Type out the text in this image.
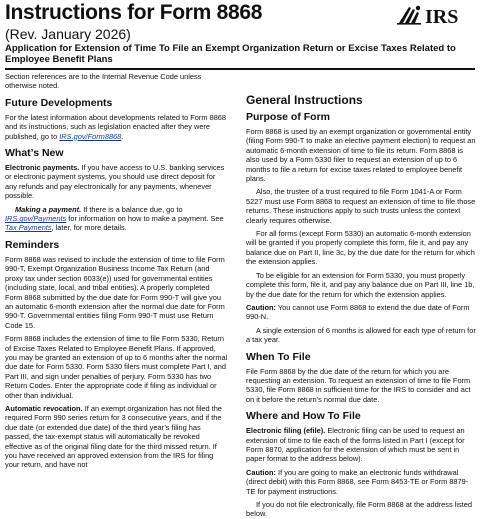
Instructions for Form 8868
(Rev. January 2026)
Application for Extension of Time To File an Exempt Organization Return or Excise Taxes Related to Employee Benefit Plans
IRS

Section references are to the Internal Revenue Code unless otherwise noted.

Future Developments

For the latest information about developments related to Form 8868 and its instructions, such as legislation enacted after they were published, go to IRS.gov/Form8868.

What’s New

Electronic payments. If you have access to U.S. banking services or electronic payment systems, you should use direct deposit for any refunds and pay electronically for any payments, whenever possible.

Making a payment. If there is a balance due, go to IRS.gov/Payments for information on how to make a payment. See Tax Payments, later, for more details.

Reminders

Form 8868 was revised to include the extension of time to file Form 990-T, Exempt Organization Business Income Tax Return (and proxy tax under section 6033(e)) used for governmental entities (including state, local, and tribal entities). A properly completed Form 8868 submitted by the due date for Form 990-T will give you an automatic 6-month extension after the normal due date for Form 990-T. Governmental entities filing Form 990-T must use Return Code 15.

Form 8868 includes the extension of time to file Form 5330, Return of Excise Taxes Related to Employee Benefit Plans. If approved, you may be granted an extension of up to 6 months after the normal due date for Form 5330. Form 5330 filers must complete Part I, and Part III, and sign under penalties of perjury. Form 5330 has two Return Codes. Enter the appropriate code if filing as individual or other than individual.

Automatic revocation. If an exempt organization has not filed the required Form 990 series return for 3 consecutive years, and if the due date (or extended due date) of the third year’s filing has passed, the tax-exempt status will automatically be revoked effective as of the original filing date for the third missed return. If you have received an approved extension from the IRS for filing your return, and have not

General Instructions
Purpose of Form

Form 8868 is used by an exempt organization or governmental entity (filing Form 990-T to make an elective payment election) to request an automatic 6-month extension of time to file its return. Form 8868 is also used by a Form 5330 filer to request an extension of up to 6 months to file a return for excise taxes related to employee benefit plans.

Also, the trustee of a trust required to file Form 1041-A or Form 5227 must use Form 8868 to request an extension of time to file those returns. These instructions apply to such trusts unless the context clearly requires otherwise.

For all forms (except Form 5330) an automatic 6-month extension will be granted if you properly complete this form, file it, and pay any balance due on Part II, line 3c, by the due date for the return for which the extension applies.

To be eligible for an extension for Form 5330, you must properly complete this form, file it, and pay any balance due on Part III, line 1b, by the due date for the return for which the extension applies.

Caution: You cannot use Form 8868 to extend the due date of Form 990-N.

A single extension of 6 months is allowed for each type of return for a tax year.

When To File

File Form 8868 by the due date of the return for which you are requesting an extension. To request an extension of time to file Form 5330, file Form 8868 in sufficient time for the IRS to consider and act on it before the return’s normal due date.

Where and How To File

Electronic filing (efile). Electronic filing can be used to request an extension of time to file each of the forms listed in Part I (except for Form 8870, application for the extension of which must be sent in paper format to the address below).

Caution: If you are going to make an electronic funds withdrawal (direct debit) with this Form 8868, see Form 8453-TE or Form 8879-TE for payment instructions.

If you do not file electronically, file Form 8868 at the address listed below.
